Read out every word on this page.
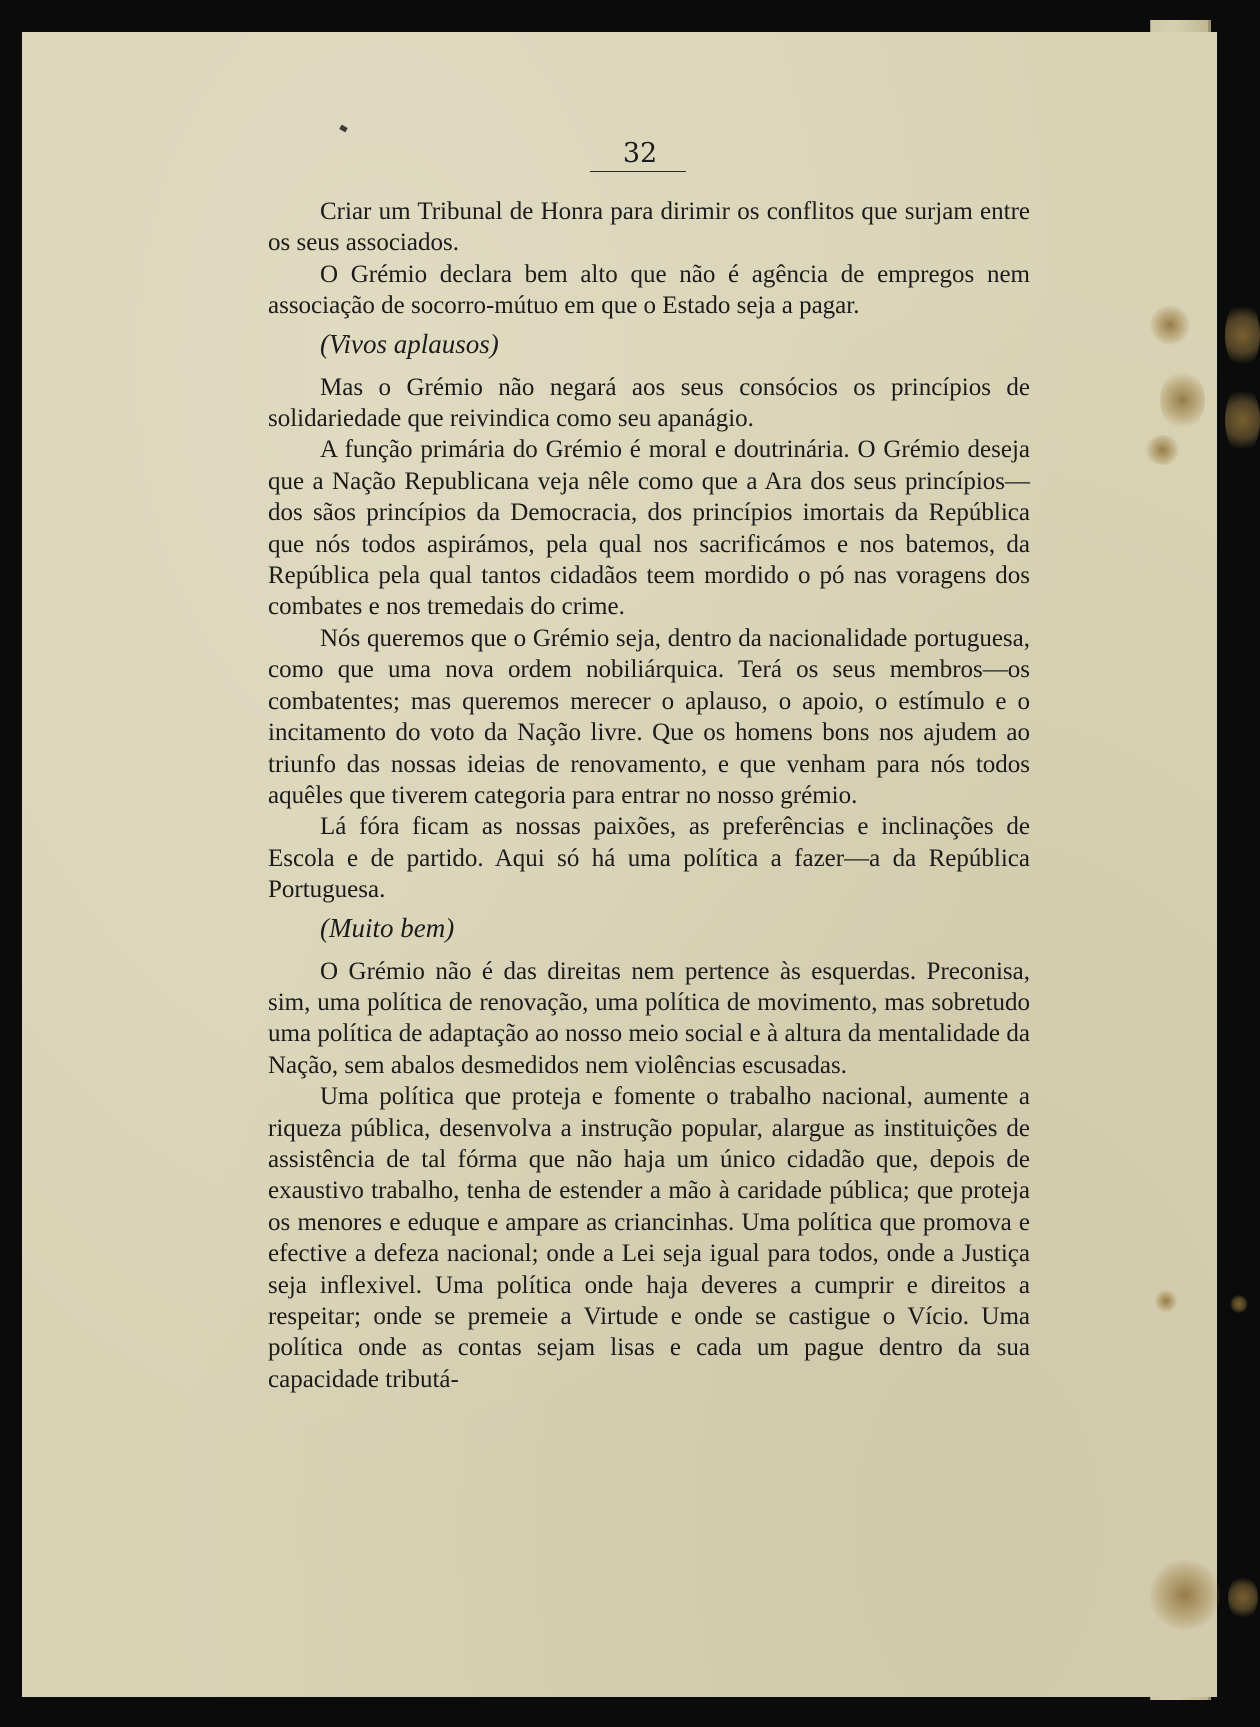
32

Criar um Tribunal de Honra para dirimir os conflitos que surjam entre os seus associados.

O Grémio declara bem alto que não é agência de empregos nem associação de socorro-mútuo em que o Estado seja a pagar.

(Vivos aplausos)

Mas o Grémio não negará aos seus consócios os princípios de solidariedade que reivindica como seu apanágio.

A função primária do Grémio é moral e doutrinária. O Grémio deseja que a Nação Republicana veja nêle como que a Ara dos seus princípios—dos sãos princípios da Democracia, dos princípios imortais da República que nós todos aspirámos, pela qual nos sacrificámos e nos batemos, da República pela qual tantos cidadãos teem mordido o pó nas voragens dos combates e nos tremedais do crime.

Nós queremos que o Grémio seja, dentro da nacionalidade portuguesa, como que uma nova ordem nobiliárquica. Terá os seus membros—os combatentes; mas queremos merecer o aplauso, o apoio, o estímulo e o incitamento do voto da Nação livre. Que os homens bons nos ajudem ao triunfo das nossas ideias de renovamento, e que venham para nós todos aquêles que tiverem categoria para entrar no nosso grémio.

Lá fóra ficam as nossas paixões, as preferências e inclinações de Escola e de partido. Aqui só há uma política a fazer—a da República Portuguesa.

(Muito bem)

O Grémio não é das direitas nem pertence às esquerdas. Preconisa, sim, uma política de renovação, uma política de movimento, mas sobretudo uma política de adaptação ao nosso meio social e à altura da mentalidade da Nação, sem abalos desmedidos nem violências escusadas.

Uma política que proteja e fomente o trabalho nacional, aumente a riqueza pública, desenvolva a instrução popular, alargue as instituições de assistência de tal fórma que não haja um único cidadão que, depois de exaustivo trabalho, tenha de estender a mão à caridade pública; que proteja os menores e eduque e ampare as criancinhas. Uma política que promova e efective a defeza nacional; onde a Lei seja igual para todos, onde a Justiça seja inflexivel. Uma política onde haja deveres a cumprir e direitos a respeitar; onde se premeie a Virtude e onde se castigue o Vício. Uma política onde as contas sejam lisas e cada um pague dentro da sua capacidade tributá-
